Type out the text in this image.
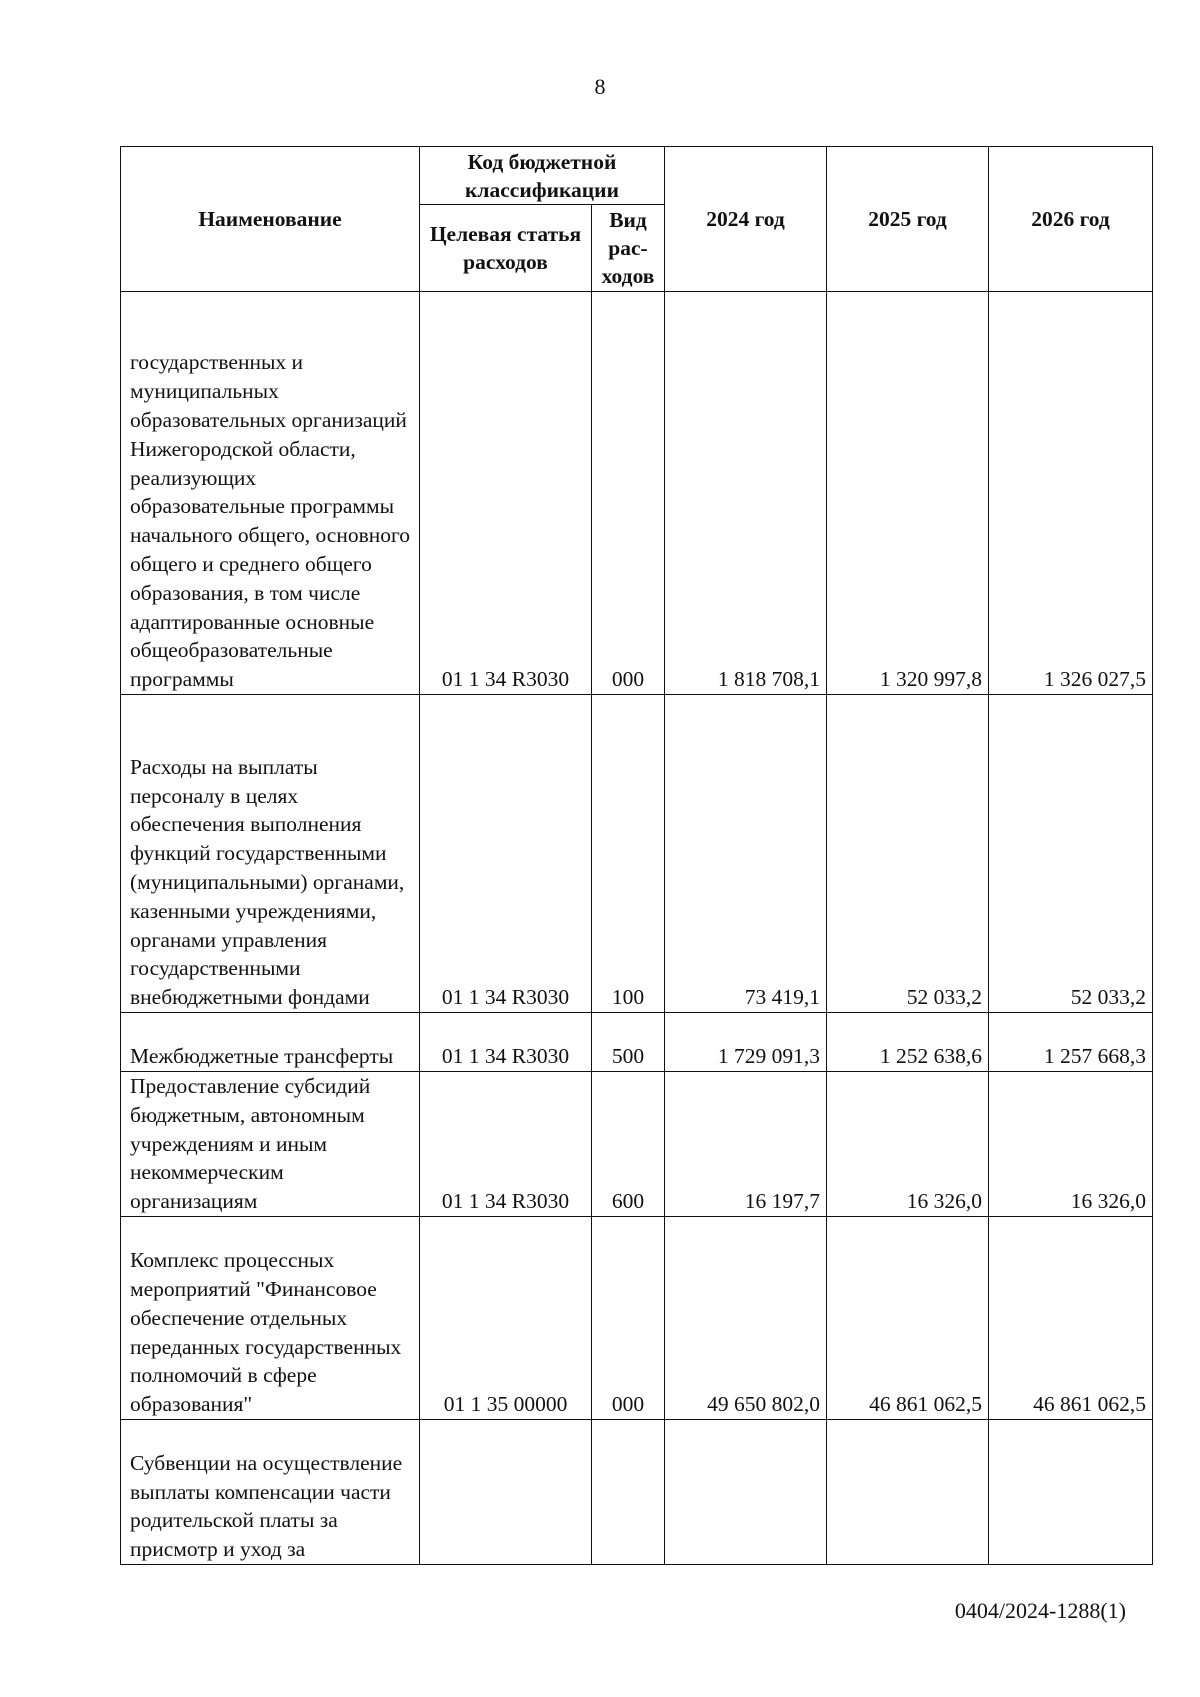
8
Наименование	Код бюджетной классификации		2024 год	2025 год	2026 год
	Целевая статья расходов	Вид рас-ходов			
государственных и муниципальных образовательных организаций Нижегородской области, реализующих образовательные программы начального общего, основного общего и среднего общего образования, в том числе адаптированные основные общеобразовательные программы	01 1 34 R3030	000	1 818 708,1	1 320 997,8	1 326 027,5
Расходы на выплаты персоналу в целях обеспечения выполнения функций государственными (муниципальными) органами, казенными учреждениями, органами управления государственными внебюджетными фондами	01 1 34 R3030	100	73 419,1	52 033,2	52 033,2
Межбюджетные трансферты	01 1 34 R3030	500	1 729 091,3	1 252 638,6	1 257 668,3
Предоставление субсидий бюджетным, автономным учреждениям и иным некоммерческим организациям	01 1 34 R3030	600	16 197,7	16 326,0	16 326,0
Комплекс процессных мероприятий "Финансовое обеспечение отдельных переданных государственных полномочий в сфере образования"	01 1 35 00000	000	49 650 802,0	46 861 062,5	46 861 062,5
Субвенции на осуществление выплаты компенсации части родительской платы за присмотр и уход за					
0404/2024-1288(1)
